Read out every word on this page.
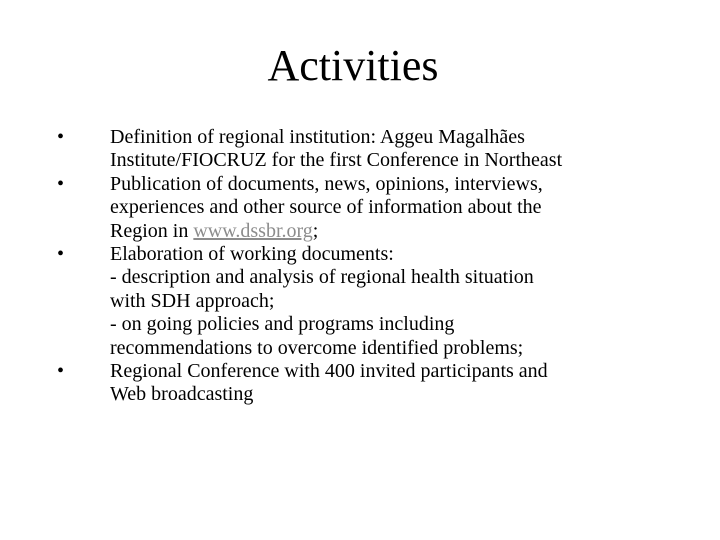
Activities
• Definition of regional institution: Aggeu Magalhães
Institute/FIOCRUZ for the first Conference in Northeast
• Publication of documents, news, opinions, interviews,
experiences and other source of information about the
Region in www.dssbr.org;
• Elaboration of working documents:
- description and analysis of regional health situation
with SDH approach;
- on going policies and programs including
recommendations to overcome identified problems;
• Regional Conference with 400 invited participants and
Web broadcasting
